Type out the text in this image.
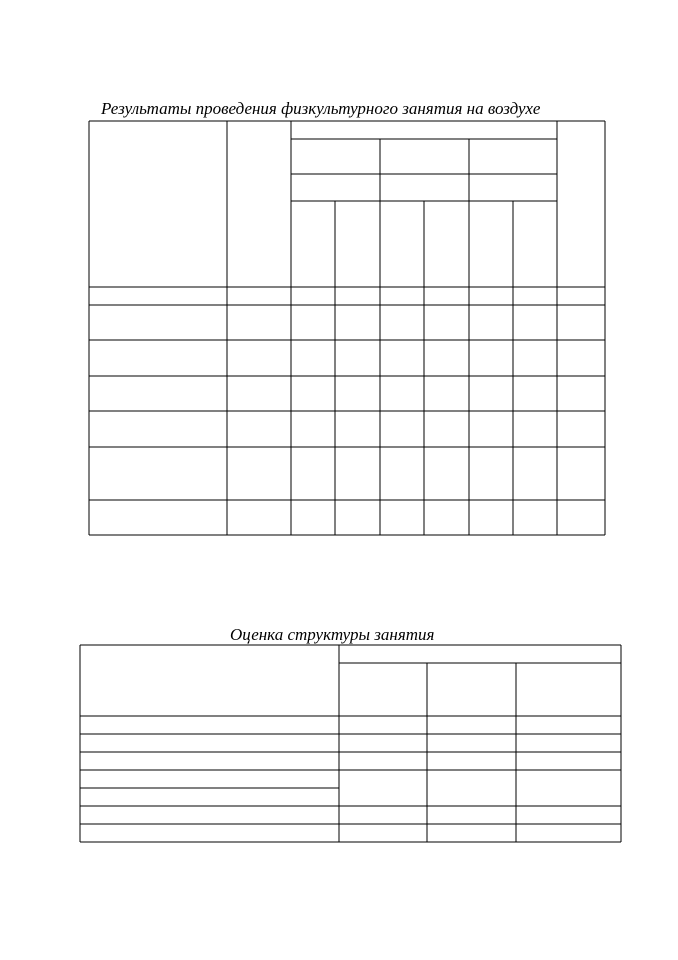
Результаты проведения физкультурного занятия на воздухе
Оценка структуры занятия
